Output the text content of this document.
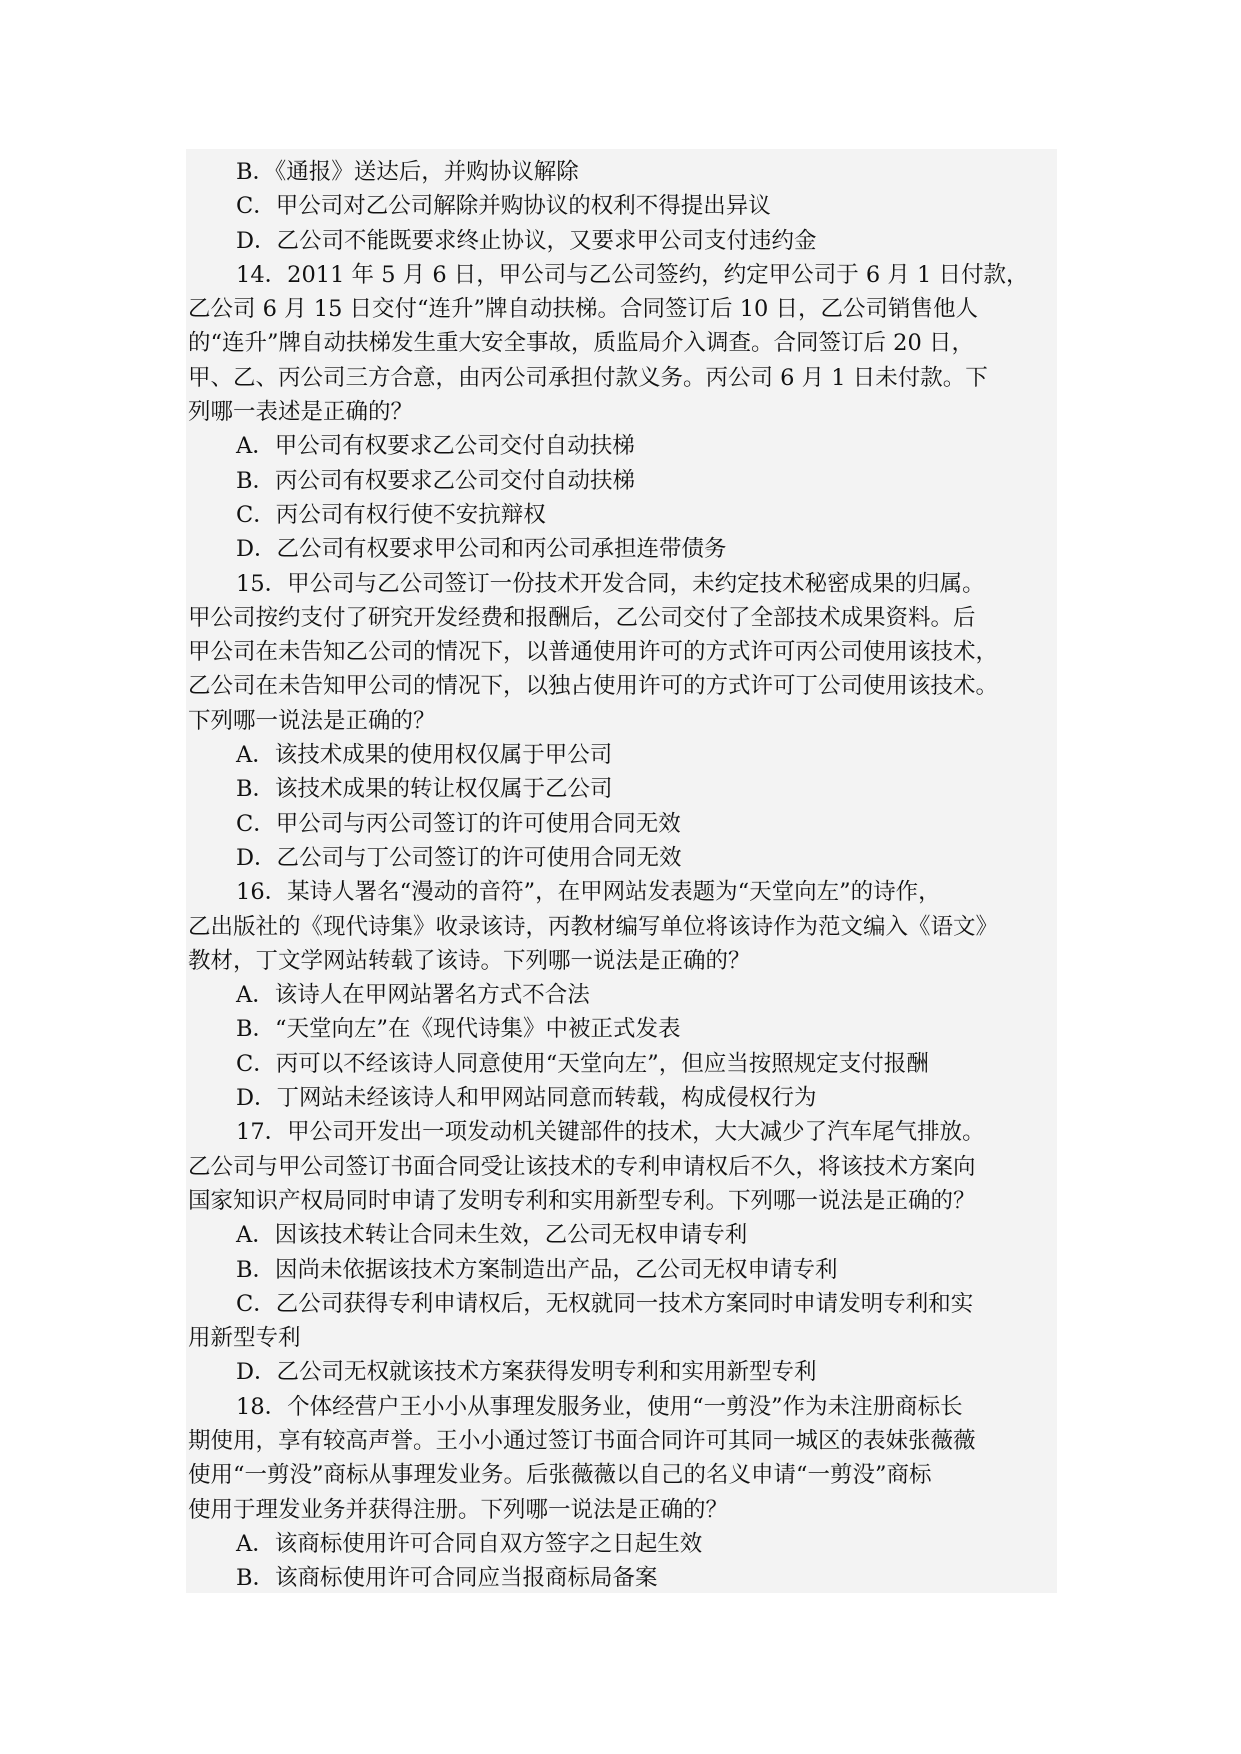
B．《通报》送达后，并购协议解除
C．甲公司对乙公司解除并购协议的权利不得提出异议
D．乙公司不能既要求终止协议，又要求甲公司支付违约金
14．2011 年 5 月 6 日，甲公司与乙公司签约，约定甲公司于 6 月 1 日付款，
乙公司 6 月 15 日交付“连升”牌自动扶梯。合同签订后 10 日，乙公司销售他人
的“连升”牌自动扶梯发生重大安全事故，质监局介入调查。合同签订后 20 日，
甲、乙、丙公司三方合意，由丙公司承担付款义务。丙公司 6 月 1 日未付款。下
列哪一表述是正确的？
A．甲公司有权要求乙公司交付自动扶梯
B．丙公司有权要求乙公司交付自动扶梯
C．丙公司有权行使不安抗辩权
D．乙公司有权要求甲公司和丙公司承担连带债务
15．甲公司与乙公司签订一份技术开发合同，未约定技术秘密成果的归属。
甲公司按约支付了研究开发经费和报酬后，乙公司交付了全部技术成果资料。后
甲公司在未告知乙公司的情况下，以普通使用许可的方式许可丙公司使用该技术，
乙公司在未告知甲公司的情况下，以独占使用许可的方式许可丁公司使用该技术。
下列哪一说法是正确的？
A．该技术成果的使用权仅属于甲公司
B．该技术成果的转让权仅属于乙公司
C．甲公司与丙公司签订的许可使用合同无效
D．乙公司与丁公司签订的许可使用合同无效
16．某诗人署名“漫动的音符”，在甲网站发表题为“天堂向左”的诗作，
乙出版社的《现代诗集》收录该诗，丙教材编写单位将该诗作为范文编入《语文》
教材，丁文学网站转载了该诗。下列哪一说法是正确的？
A．该诗人在甲网站署名方式不合法
B．“天堂向左”在《现代诗集》中被正式发表
C．丙可以不经该诗人同意使用“天堂向左”，但应当按照规定支付报酬
D．丁网站未经该诗人和甲网站同意而转载，构成侵权行为
17．甲公司开发出一项发动机关键部件的技术，大大减少了汽车尾气排放。
乙公司与甲公司签订书面合同受让该技术的专利申请权后不久，将该技术方案向
国家知识产权局同时申请了发明专利和实用新型专利。下列哪一说法是正确的？
A．因该技术转让合同未生效，乙公司无权申请专利
B．因尚未依据该技术方案制造出产品，乙公司无权申请专利
C．乙公司获得专利申请权后，无权就同一技术方案同时申请发明专利和实
用新型专利
D．乙公司无权就该技术方案获得发明专利和实用新型专利
18．个体经营户王小小从事理发服务业，使用“一剪没”作为未注册商标长
期使用，享有较高声誉。王小小通过签订书面合同许可其同一城区的表妹张薇薇
使用“一剪没”商标从事理发业务。后张薇薇以自己的名义申请“一剪没”商标
使用于理发业务并获得注册。下列哪一说法是正确的？
A．该商标使用许可合同自双方签字之日起生效
B．该商标使用许可合同应当报商标局备案
